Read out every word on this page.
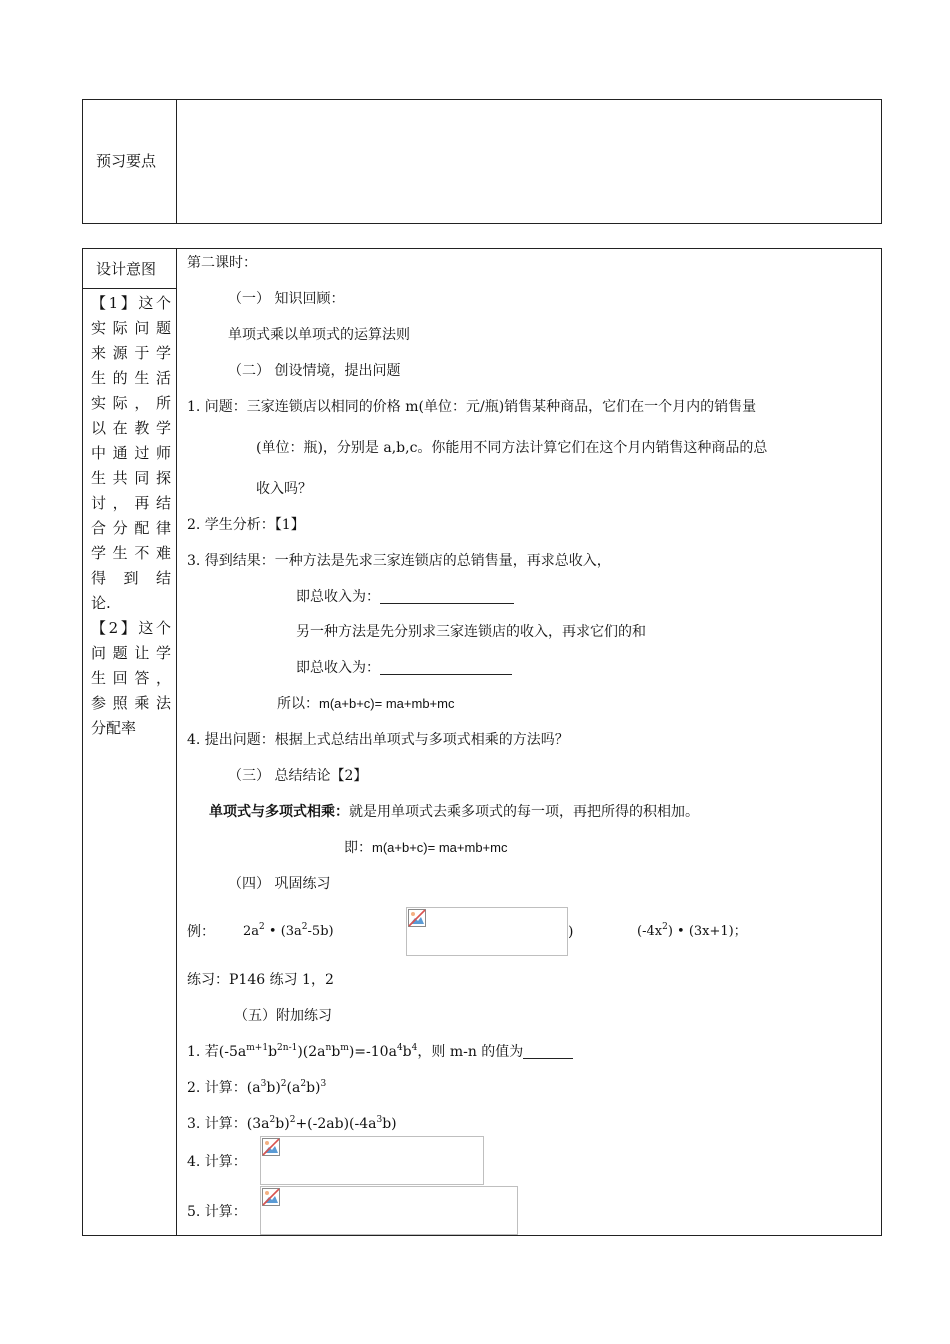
预习要点
设计意图
【1】这个
实际问题
来源于学
生的生活
实际，所
以在教学
中通过师
生共同探
讨，再结
合分配律
学生不难
得 到 结
论.
【2】这个
问题让学
生回答，
参照乘法
分配率
第二课时：
（一） 知识回顾：
单项式乘以单项式的运算法则
（二） 创设情境，提出问题
1. 问题：三家连锁店以相同的价格 m(单位：元/瓶)销售某种商品，它们在一个月内的销售量
(单位：瓶)，分别是 a,b,c。你能用不同方法计算它们在这个月内销售这种商品的总
收入吗？
2. 学生分析：【1】
3. 得到结果：一种方法是先求三家连锁店的总销售量，再求总收入，
即总收入为：
另一种方法是先分别求三家连锁店的收入，再求它们的和
即总收入为：
所以：m(a+b+c)= ma+mb+mc
4. 提出问题：根据上式总结出单项式与多项式相乘的方法吗？
（三） 总结结论【2】
单项式与多项式相乘：就是用单项式去乘多项式的每一项，再把所得的积相加。
即：m(a+b+c)= ma+mb+mc
（四） 巩固练习
例： $2a^2$ • $(3a^2-5b)$	)	$(-4x^2)$ • (3x+1)；
练习：P146 练习 1，2
（五）附加练习
1. 若$(-5a^{m+1}b^{2n-1})(2a^nb^m)=-10a^4b^4$，则 m-n 的值为
2. 计算：$(a^3b)^2(a^2b)^3$
3. 计算：$(3a^2b)^2+(-2ab)(-4a^3b)$
4. 计算：
5. 计算：
